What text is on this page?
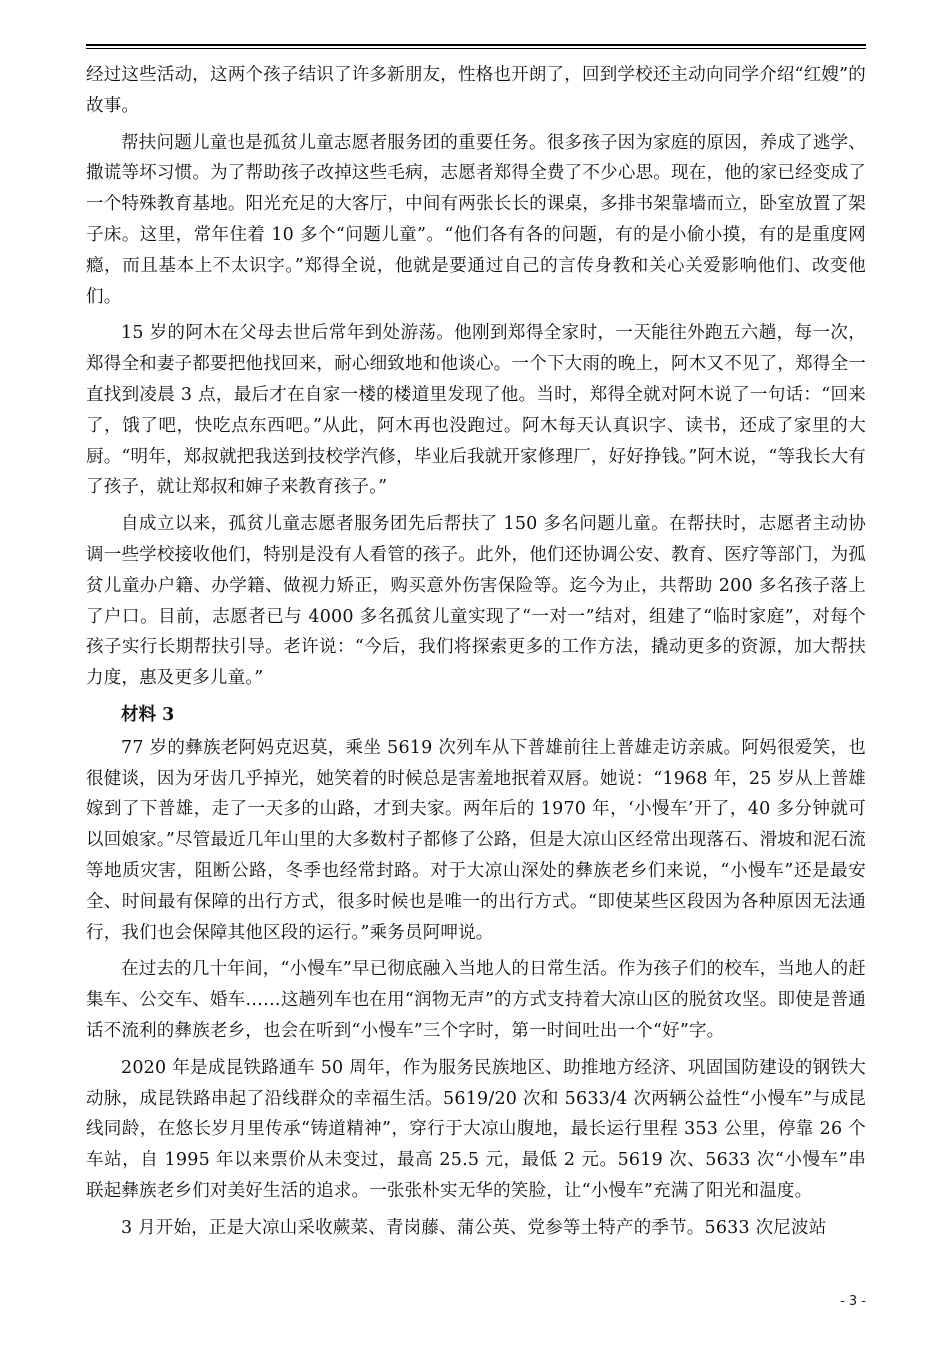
经过这些活动，这两个孩子结识了许多新朋友，性格也开朗了，回到学校还主动向同学介绍“红嫂”的故事。

帮扶问题儿童也是孤贫儿童志愿者服务团的重要任务。很多孩子因为家庭的原因，养成了逃学、撒谎等坏习惯。为了帮助孩子改掉这些毛病，志愿者郑得全费了不少心思。现在，他的家已经变成了一个特殊教育基地。阳光充足的大客厅，中间有两张长长的课桌，多排书架靠墙而立，卧室放置了架子床。这里，常年住着 10 多个“问题儿童”。“他们各有各的问题，有的是小偷小摸，有的是重度网瘾，而且基本上不太识字。”郑得全说，他就是要通过自己的言传身教和关心关爱影响他们、改变他们。

15 岁的阿木在父母去世后常年到处游荡。他刚到郑得全家时，一天能往外跑五六趟，每一次，郑得全和妻子都要把他找回来，耐心细致地和他谈心。一个下大雨的晚上，阿木又不见了，郑得全一直找到凌晨 3 点，最后才在自家一楼的楼道里发现了他。当时，郑得全就对阿木说了一句话：“回来了，饿了吧，快吃点东西吧。”从此，阿木再也没跑过。阿木每天认真识字、读书，还成了家里的大厨。“明年，郑叔就把我送到技校学汽修，毕业后我就开家修理厂，好好挣钱。”阿木说，“等我长大有了孩子，就让郑叔和婶子来教育孩子。”

自成立以来，孤贫儿童志愿者服务团先后帮扶了 150 多名问题儿童。在帮扶时，志愿者主动协调一些学校接收他们，特别是没有人看管的孩子。此外，他们还协调公安、教育、医疗等部门，为孤贫儿童办户籍、办学籍、做视力矫正，购买意外伤害保险等。迄今为止，共帮助 200 多名孩子落上了户口。目前，志愿者已与 4000 多名孤贫儿童实现了“一对一”结对，组建了“临时家庭”，对每个孩子实行长期帮扶引导。老许说：“今后，我们将探索更多的工作方法，撬动更多的资源，加大帮扶力度，惠及更多儿童。”

材料 3

77 岁的彝族老阿妈克迟莫，乘坐 5619 次列车从下普雄前往上普雄走访亲戚。阿妈很爱笑，也很健谈，因为牙齿几乎掉光，她笑着的时候总是害羞地抿着双唇。她说：“1968 年，25 岁从上普雄嫁到了下普雄，走了一天多的山路，才到夫家。两年后的 1970 年，‘小慢车’开了，40 多分钟就可以回娘家。”尽管最近几年山里的大多数村子都修了公路，但是大凉山区经常出现落石、滑坡和泥石流等地质灾害，阻断公路，冬季也经常封路。对于大凉山深处的彝族老乡们来说，“小慢车”还是最安全、时间最有保障的出行方式，很多时候也是唯一的出行方式。“即使某些区段因为各种原因无法通行，我们也会保障其他区段的运行。”乘务员阿呷说。

在过去的几十年间，“小慢车”早已彻底融入当地人的日常生活。作为孩子们的校车，当地人的赶集车、公交车、婚车……这趟列车也在用“润物无声”的方式支持着大凉山区的脱贫攻坚。即使是普通话不流利的彝族老乡，也会在听到“小慢车”三个字时，第一时间吐出一个“好”字。

2020 年是成昆铁路通车 50 周年，作为服务民族地区、助推地方经济、巩固国防建设的钢铁大动脉，成昆铁路串起了沿线群众的幸福生活。5619/20 次和 5633/4 次两辆公益性“小慢车”与成昆线同龄，在悠长岁月里传承“铸道精神”，穿行于大凉山腹地，最长运行里程 353 公里，停靠 26 个车站，自 1995 年以来票价从未变过，最高 25.5 元，最低 2 元。5619 次、5633 次“小慢车”串联起彝族老乡们对美好生活的追求。一张张朴实无华的笑脸，让“小慢车”充满了阳光和温度。

3 月开始，正是大凉山采收蕨菜、青岗藤、蒲公英、党参等土特产的季节。5633 次尼波站

- 3 -
